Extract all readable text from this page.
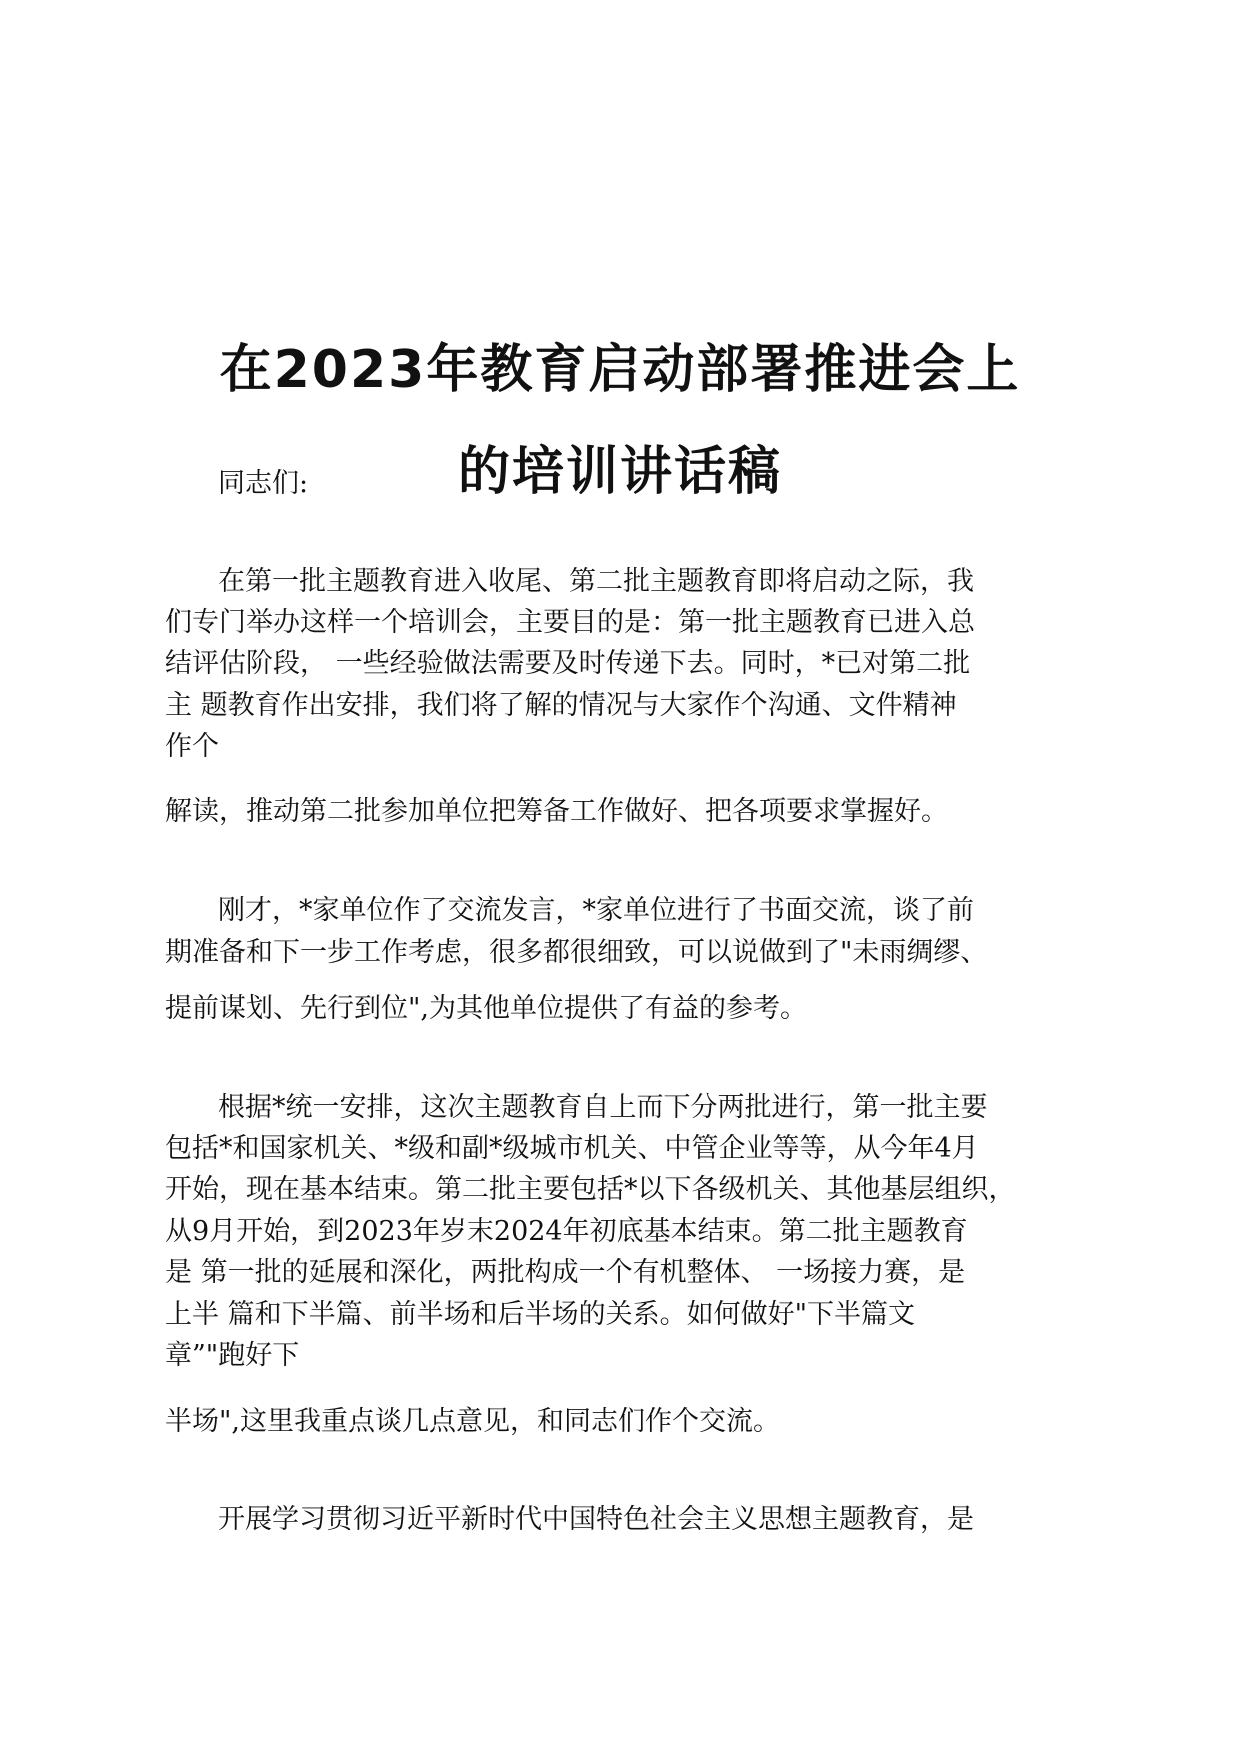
在2023年教育启动部署推进会上
的培训讲话稿

同志们:

在第一批主题教育进入收尾、第二批主题教育即将启动之际，我

们专门举办这样一个培训会，主要目的是：第一批主题教育已进入总

结评估阶段， 一些经验做法需要及时传递下去。同时，*已对第二批

主 题教育作出安排，我们将了解的情况与大家作个沟通、文件精神

作个

解读，推动第二批参加单位把筹备工作做好、把各项要求掌握好。

刚才，*家单位作了交流发言，*家单位进行了书面交流，谈了前

期准备和下一步工作考虑，很多都很细致，可以说做到了"未雨绸缪、

提前谋划、先行到位",为其他单位提供了有益的参考。

根据*统一安排，这次主题教育自上而下分两批进行，第一批主要

包括*和国家机关、*级和副*级城市机关、中管企业等等，从今年4月

开始，现在基本结束。第二批主要包括*以下各级机关、其他基层组织，

从9月开始，到2023年岁末2024年初底基本结束。第二批主题教育

是 第一批的延展和深化，两批构成一个有机整体、 一场接力赛，是

上半 篇和下半篇、前半场和后半场的关系。如何做好"下半篇文

章”"跑好下

半场",这里我重点谈几点意见，和同志们作个交流。

开展学习贯彻习近平新时代中国特色社会主义思想主题教育，是
